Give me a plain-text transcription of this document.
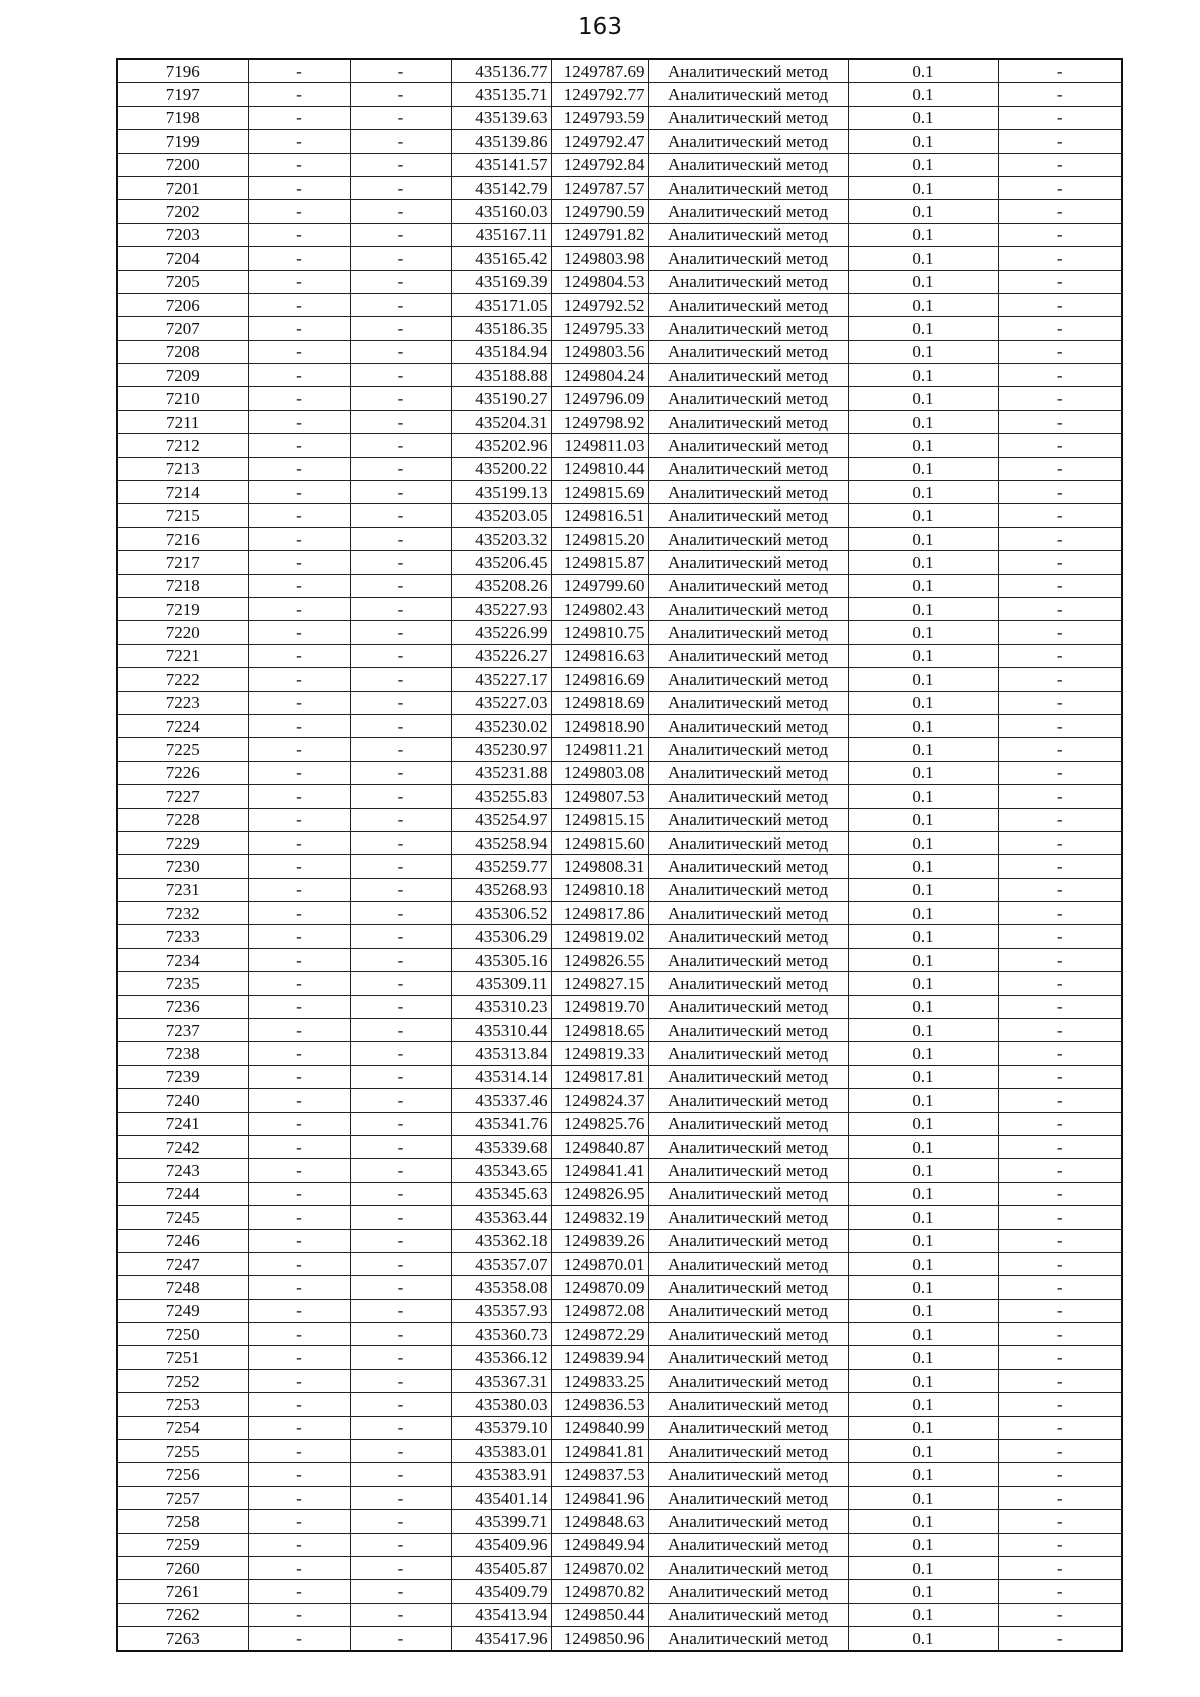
163
7196	-	-	435136.77	1249787.69	Аналитический метод	0.1	-
7197	-	-	435135.71	1249792.77	Аналитический метод	0.1	-
7198	-	-	435139.63	1249793.59	Аналитический метод	0.1	-
7199	-	-	435139.86	1249792.47	Аналитический метод	0.1	-
7200	-	-	435141.57	1249792.84	Аналитический метод	0.1	-
7201	-	-	435142.79	1249787.57	Аналитический метод	0.1	-
7202	-	-	435160.03	1249790.59	Аналитический метод	0.1	-
7203	-	-	435167.11	1249791.82	Аналитический метод	0.1	-
7204	-	-	435165.42	1249803.98	Аналитический метод	0.1	-
7205	-	-	435169.39	1249804.53	Аналитический метод	0.1	-
7206	-	-	435171.05	1249792.52	Аналитический метод	0.1	-
7207	-	-	435186.35	1249795.33	Аналитический метод	0.1	-
7208	-	-	435184.94	1249803.56	Аналитический метод	0.1	-
7209	-	-	435188.88	1249804.24	Аналитический метод	0.1	-
7210	-	-	435190.27	1249796.09	Аналитический метод	0.1	-
7211	-	-	435204.31	1249798.92	Аналитический метод	0.1	-
7212	-	-	435202.96	1249811.03	Аналитический метод	0.1	-
7213	-	-	435200.22	1249810.44	Аналитический метод	0.1	-
7214	-	-	435199.13	1249815.69	Аналитический метод	0.1	-
7215	-	-	435203.05	1249816.51	Аналитический метод	0.1	-
7216	-	-	435203.32	1249815.20	Аналитический метод	0.1	-
7217	-	-	435206.45	1249815.87	Аналитический метод	0.1	-
7218	-	-	435208.26	1249799.60	Аналитический метод	0.1	-
7219	-	-	435227.93	1249802.43	Аналитический метод	0.1	-
7220	-	-	435226.99	1249810.75	Аналитический метод	0.1	-
7221	-	-	435226.27	1249816.63	Аналитический метод	0.1	-
7222	-	-	435227.17	1249816.69	Аналитический метод	0.1	-
7223	-	-	435227.03	1249818.69	Аналитический метод	0.1	-
7224	-	-	435230.02	1249818.90	Аналитический метод	0.1	-
7225	-	-	435230.97	1249811.21	Аналитический метод	0.1	-
7226	-	-	435231.88	1249803.08	Аналитический метод	0.1	-
7227	-	-	435255.83	1249807.53	Аналитический метод	0.1	-
7228	-	-	435254.97	1249815.15	Аналитический метод	0.1	-
7229	-	-	435258.94	1249815.60	Аналитический метод	0.1	-
7230	-	-	435259.77	1249808.31	Аналитический метод	0.1	-
7231	-	-	435268.93	1249810.18	Аналитический метод	0.1	-
7232	-	-	435306.52	1249817.86	Аналитический метод	0.1	-
7233	-	-	435306.29	1249819.02	Аналитический метод	0.1	-
7234	-	-	435305.16	1249826.55	Аналитический метод	0.1	-
7235	-	-	435309.11	1249827.15	Аналитический метод	0.1	-
7236	-	-	435310.23	1249819.70	Аналитический метод	0.1	-
7237	-	-	435310.44	1249818.65	Аналитический метод	0.1	-
7238	-	-	435313.84	1249819.33	Аналитический метод	0.1	-
7239	-	-	435314.14	1249817.81	Аналитический метод	0.1	-
7240	-	-	435337.46	1249824.37	Аналитический метод	0.1	-
7241	-	-	435341.76	1249825.76	Аналитический метод	0.1	-
7242	-	-	435339.68	1249840.87	Аналитический метод	0.1	-
7243	-	-	435343.65	1249841.41	Аналитический метод	0.1	-
7244	-	-	435345.63	1249826.95	Аналитический метод	0.1	-
7245	-	-	435363.44	1249832.19	Аналитический метод	0.1	-
7246	-	-	435362.18	1249839.26	Аналитический метод	0.1	-
7247	-	-	435357.07	1249870.01	Аналитический метод	0.1	-
7248	-	-	435358.08	1249870.09	Аналитический метод	0.1	-
7249	-	-	435357.93	1249872.08	Аналитический метод	0.1	-
7250	-	-	435360.73	1249872.29	Аналитический метод	0.1	-
7251	-	-	435366.12	1249839.94	Аналитический метод	0.1	-
7252	-	-	435367.31	1249833.25	Аналитический метод	0.1	-
7253	-	-	435380.03	1249836.53	Аналитический метод	0.1	-
7254	-	-	435379.10	1249840.99	Аналитический метод	0.1	-
7255	-	-	435383.01	1249841.81	Аналитический метод	0.1	-
7256	-	-	435383.91	1249837.53	Аналитический метод	0.1	-
7257	-	-	435401.14	1249841.96	Аналитический метод	0.1	-
7258	-	-	435399.71	1249848.63	Аналитический метод	0.1	-
7259	-	-	435409.96	1249849.94	Аналитический метод	0.1	-
7260	-	-	435405.87	1249870.02	Аналитический метод	0.1	-
7261	-	-	435409.79	1249870.82	Аналитический метод	0.1	-
7262	-	-	435413.94	1249850.44	Аналитический метод	0.1	-
7263	-	-	435417.96	1249850.96	Аналитический метод	0.1	-
